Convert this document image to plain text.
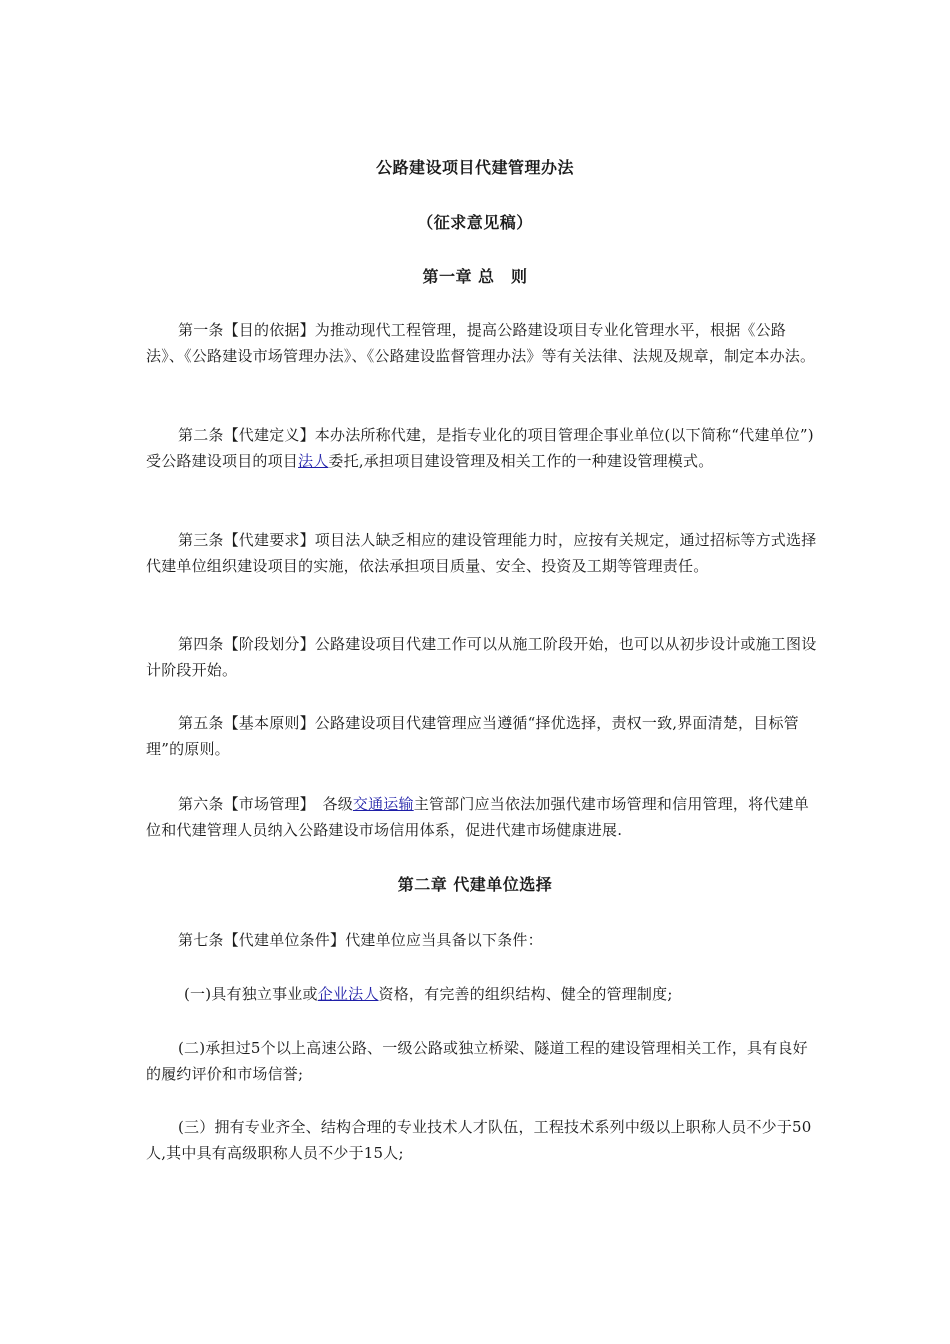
公路建设项目代建管理办法
（征求意见稿）
第一章 总　则
第一条【目的依据】为推动现代工程管理，提高公路建设项目专业化管理水平，根据《公路法》、《公路建设市场管理办法》、《公路建设监督管理办法》等有关法律、法规及规章，制定本办法。
第二条【代建定义】本办法所称代建，是指专业化的项目管理企事业单位(以下简称“代建单位”)受公路建设项目的项目法人委托,承担项目建设管理及相关工作的一种建设管理模式。
第三条【代建要求】项目法人缺乏相应的建设管理能力时，应按有关规定，通过招标等方式选择代建单位组织建设项目的实施，依法承担项目质量、安全、投资及工期等管理责任。
第四条【阶段划分】公路建设项目代建工作可以从施工阶段开始，也可以从初步设计或施工图设计阶段开始。
第五条【基本原则】公路建设项目代建管理应当遵循“择优选择，责权一致,界面清楚，目标管理”的原则。
第六条【市场管理】　各级交通运输主管部门应当依法加强代建市场管理和信用管理，将代建单位和代建管理人员纳入公路建设市场信用体系，促进代建市场健康进展.
第二章 代建单位选择
第七条【代建单位条件】代建单位应当具备以下条件：
(一)具有独立事业或企业法人资格，有完善的组织结构、健全的管理制度;
(二)承担过5个以上高速公路、一级公路或独立桥梁、隧道工程的建设管理相关工作，具有良好的履约评价和市场信誉;
(三）拥有专业齐全、结构合理的专业技术人才队伍，工程技术系列中级以上职称人员不少于50人,其中具有高级职称人员不少于15人;
